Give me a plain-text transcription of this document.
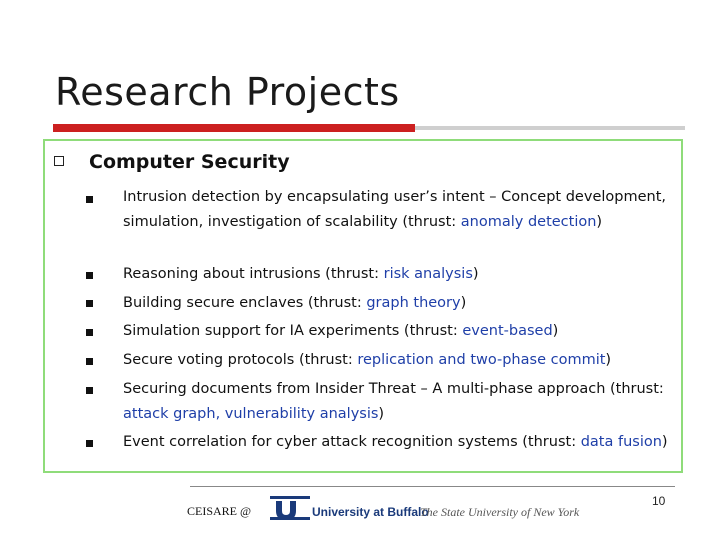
Research Projects
Computer Security
Intrusion detection by encapsulating user’s intent – Concept development, simulation, investigation of scalability (thrust: anomaly detection)
Reasoning about intrusions (thrust: risk analysis)
Building secure enclaves (thrust: graph theory)
Simulation support for IA experiments (thrust: event-based)
Secure voting protocols (thrust: replication and two-phase commit)
Securing documents from Insider Threat – A multi-phase approach (thrust: attack graph, vulnerability analysis)
Event correlation for cyber attack recognition systems (thrust: data fusion)
CEISARE @	University at Buffalo
The State University of New York
10
